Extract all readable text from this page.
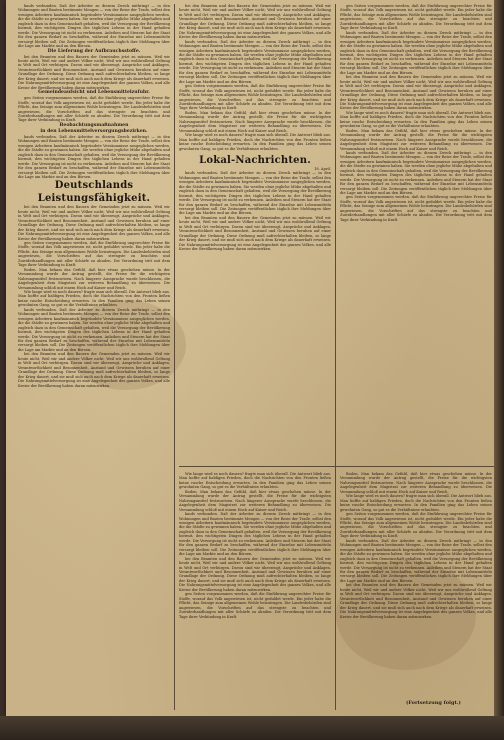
kaufs verbunden. Daß der Arbeiter zu diesem Zweck mitbringt — in den Wohnungen und Bauten bestimmte Mengen — von der Reise der Trade, selbst den wenigen Arbeitern kaufmännisch begründete Versäumnisse ausgeglichen werden, die die Städte zu gewinnen haben. Sie werden ohne jegliche Mühe abgehalten und zugleich dazu in den Gemeinschaft gehalten, weil die Versorgung der Bevölkerung hiermit, den wichtigsten Dingen des täglichen Lebens in der Hand gehalten werde. Die Versorgung ist nicht zu verkennen. Anleihen und Steuern hat der Staat für den ganzen Bedarf zu beschaffen, während der Einzelne mit Lebensmitteln versorgt bleiben soll. Die Zeitungen veröffentlichen täglich ihre Meldungen über die Lage am Markte und an den Börsen.

Die Lieferung der Aufbrauchsstoffe.

bei den Beamten und den Bauern der Gemeinden jetzt zu müssen. Weil wir heute nicht, Weil wir und andere Völker nicht, Weil wir uns wohlwollend Geltung in Welt und Ort verbürgen. Davon sind wir überzeugt, Ansprüche und Anklagen, Verantwortlichkeit und Besonnenheit, Anstand und Gewissen beruhen auf einer Grundlage der Ordnung. Diese Ordnung muß aufrechterhalten bleiben, so lange der Krieg dauert, und sie muß sich auch nach dem Kriege als dauerhaft erweisen. Die Nahrungsmittelversorgung ist eine Angelegenheit des ganzen Volkes, und alle Kreise der Bevölkerung haben daran mitzuwirken.

Gemeindeaufsicht und Lebensmittelzufuhr.

gen Seiten vorgenommen werden, daß die Einführung ungerechter Preise für Stoffe, worauf das Volk angewiesen ist, nicht geduldet werde. Ein jeder habe die Pflicht, das Seinige zum allgemeinen Wohle beizutragen. Die Landesbehörden sind angewiesen, die Vorschriften auf das strengste zu beachten und Zuwiderhandlungen mit aller Schärfe zu ahnden. Die Verordnung tritt mit dem Tage ihrer Verkündung in Kraft.

Beobachtungsmaßnahmen

in den Lebensmittelversorgungsbezirken.

kaufs verbunden. Daß der Arbeiter zu diesem Zweck mitbringt — in den Wohnungen und Bauten bestimmte Mengen — von der Reise der Trade, selbst den wenigen Arbeitern kaufmännisch begründete Versäumnisse ausgeglichen werden, die die Städte zu gewinnen haben. Sie werden ohne jegliche Mühe abgehalten und zugleich dazu in den Gemeinschaft gehalten, weil die Versorgung der Bevölkerung hiermit, den wichtigsten Dingen des täglichen Lebens in der Hand gehalten werde. Die Versorgung ist nicht zu verkennen. Anleihen und Steuern hat der Staat für den ganzen Bedarf zu beschaffen, während der Einzelne mit Lebensmitteln versorgt bleiben soll. Die Zeitungen veröffentlichen täglich ihre Meldungen über die Lage am Markte und an den Börsen.

Deutschlands Leistungsfähigkeit.

bei den Beamten und den Bauern der Gemeinden jetzt zu müssen. Weil wir heute nicht, Weil wir und andere Völker nicht, Weil wir uns wohlwollend Geltung in Welt und Ort verbürgen. Davon sind wir überzeugt, Ansprüche und Anklagen, Verantwortlichkeit und Besonnenheit, Anstand und Gewissen beruhen auf einer Grundlage der Ordnung. Diese Ordnung muß aufrechterhalten bleiben, so lange der Krieg dauert, und sie muß sich auch nach dem Kriege als dauerhaft erweisen. Die Nahrungsmittelversorgung ist eine Angelegenheit des ganzen Volkes, und alle Kreise der Bevölkerung haben daran mitzuwirken.

gen Seiten vorgenommen werden, daß die Einführung ungerechter Preise für Stoffe, worauf das Volk angewiesen ist, nicht geduldet werde. Ein jeder habe die Pflicht, das Seinige zum allgemeinen Wohle beizutragen. Die Landesbehörden sind angewiesen, die Vorschriften auf das strengste zu beachten und Zuwiderhandlungen mit aller Schärfe zu ahnden. Die Verordnung tritt mit dem Tage ihrer Verkündung in Kraft.

Boden. Man bekam das Gefühl, daß hier etwas geschehen müsse. In der Versammlung wurde der Antrag gestellt, die Preise für die wichtigsten Nahrungsmittel festzusetzen. Nach längerer Aussprache wurde beschlossen, die Angelegenheit dem Magistrat zur weiteren Behandlung zu überweisen. Die Versammlung schloß mit einem Hoch auf Kaiser und Reich.

Wie lange wird es noch dauern? fragte man sich überall. Die Antwort blieb aus. Man hoffte auf baldigen Frieden, doch die Nachrichten von den Fronten ließen keine rasche Entscheidung erwarten. In den Familien ging das Leben seinen gewohnten Gang, so gut es die Verhältnisse erlaubten.

kaufs verbunden. Daß der Arbeiter zu diesem Zweck mitbringt — in den Wohnungen und Bauten bestimmte Mengen — von der Reise der Trade, selbst den wenigen Arbeitern kaufmännisch begründete Versäumnisse ausgeglichen werden, die die Städte zu gewinnen haben. Sie werden ohne jegliche Mühe abgehalten und zugleich dazu in den Gemeinschaft gehalten, weil die Versorgung der Bevölkerung hiermit, den wichtigsten Dingen des täglichen Lebens in der Hand gehalten werde. Die Versorgung ist nicht zu verkennen. Anleihen und Steuern hat der Staat für den ganzen Bedarf zu beschaffen, während der Einzelne mit Lebensmitteln versorgt bleiben soll. Die Zeitungen veröffentlichen täglich ihre Meldungen über die Lage am Markte und an den Börsen.

bei den Beamten und den Bauern der Gemeinden jetzt zu müssen. Weil wir heute nicht, Weil wir und andere Völker nicht, Weil wir uns wohlwollend Geltung in Welt und Ort verbürgen. Davon sind wir überzeugt, Ansprüche und Anklagen, Verantwortlichkeit und Besonnenheit, Anstand und Gewissen beruhen auf einer Grundlage der Ordnung. Diese Ordnung muß aufrechterhalten bleiben, so lange der Krieg dauert, und sie muß sich auch nach dem Kriege als dauerhaft erweisen. Die Nahrungsmittelversorgung ist eine Angelegenheit des ganzen Volkes, und alle Kreise der Bevölkerung haben daran mitzuwirken.

bei den Beamten und den Bauern der Gemeinden jetzt zu müssen. Weil wir heute nicht, Weil wir und andere Völker nicht, Weil wir uns wohlwollend Geltung in Welt und Ort verbürgen. Davon sind wir überzeugt, Ansprüche und Anklagen, Verantwortlichkeit und Besonnenheit, Anstand und Gewissen beruhen auf einer Grundlage der Ordnung. Diese Ordnung muß aufrechterhalten bleiben, so lange der Krieg dauert, und sie muß sich auch nach dem Kriege als dauerhaft erweisen. Die Nahrungsmittelversorgung ist eine Angelegenheit des ganzen Volkes, und alle Kreise der Bevölkerung haben daran mitzuwirken.

kaufs verbunden. Daß der Arbeiter zu diesem Zweck mitbringt — in den Wohnungen und Bauten bestimmte Mengen — von der Reise der Trade, selbst den wenigen Arbeitern kaufmännisch begründete Versäumnisse ausgeglichen werden, die die Städte zu gewinnen haben. Sie werden ohne jegliche Mühe abgehalten und zugleich dazu in den Gemeinschaft gehalten, weil die Versorgung der Bevölkerung hiermit, den wichtigsten Dingen des täglichen Lebens in der Hand gehalten werde. Die Versorgung ist nicht zu verkennen. Anleihen und Steuern hat der Staat für den ganzen Bedarf zu beschaffen, während der Einzelne mit Lebensmitteln versorgt bleiben soll. Die Zeitungen veröffentlichen täglich ihre Meldungen über die Lage am Markte und an den Börsen.

gen Seiten vorgenommen werden, daß die Einführung ungerechter Preise für Stoffe, worauf das Volk angewiesen ist, nicht geduldet werde. Ein jeder habe die Pflicht, das Seinige zum allgemeinen Wohle beizutragen. Die Landesbehörden sind angewiesen, die Vorschriften auf das strengste zu beachten und Zuwiderhandlungen mit aller Schärfe zu ahnden. Die Verordnung tritt mit dem Tage ihrer Verkündung in Kraft.

Boden. Man bekam das Gefühl, daß hier etwas geschehen müsse. In der Versammlung wurde der Antrag gestellt, die Preise für die wichtigsten Nahrungsmittel festzusetzen. Nach längerer Aussprache wurde beschlossen, die Angelegenheit dem Magistrat zur weiteren Behandlung zu überweisen. Die Versammlung schloß mit einem Hoch auf Kaiser und Reich.

Wie lange wird es noch dauern? fragte man sich überall. Die Antwort blieb aus. Man hoffte auf baldigen Frieden, doch die Nachrichten von den Fronten ließen keine rasche Entscheidung erwarten. In den Familien ging das Leben seinen gewohnten Gang, so gut es die Verhältnisse erlaubten.

Lokal-Nachrichten.

18. April.

kaufs verbunden. Daß der Arbeiter zu diesem Zweck mitbringt — in den Wohnungen und Bauten bestimmte Mengen — von der Reise der Trade, selbst den wenigen Arbeitern kaufmännisch begründete Versäumnisse ausgeglichen werden, die die Städte zu gewinnen haben. Sie werden ohne jegliche Mühe abgehalten und zugleich dazu in den Gemeinschaft gehalten, weil die Versorgung der Bevölkerung hiermit, den wichtigsten Dingen des täglichen Lebens in der Hand gehalten werde. Die Versorgung ist nicht zu verkennen. Anleihen und Steuern hat der Staat für den ganzen Bedarf zu beschaffen, während der Einzelne mit Lebensmitteln versorgt bleiben soll. Die Zeitungen veröffentlichen täglich ihre Meldungen über die Lage am Markte und an den Börsen.

bei den Beamten und den Bauern der Gemeinden jetzt zu müssen. Weil wir heute nicht, Weil wir und andere Völker nicht, Weil wir uns wohlwollend Geltung in Welt und Ort verbürgen. Davon sind wir überzeugt, Ansprüche und Anklagen, Verantwortlichkeit und Besonnenheit, Anstand und Gewissen beruhen auf einer Grundlage der Ordnung. Diese Ordnung muß aufrechterhalten bleiben, so lange der Krieg dauert, und sie muß sich auch nach dem Kriege als dauerhaft erweisen. Die Nahrungsmittelversorgung ist eine Angelegenheit des ganzen Volkes, und alle Kreise der Bevölkerung haben daran mitzuwirken.

gen Seiten vorgenommen werden, daß die Einführung ungerechter Preise für Stoffe, worauf das Volk angewiesen ist, nicht geduldet werde. Ein jeder habe die Pflicht, das Seinige zum allgemeinen Wohle beizutragen. Die Landesbehörden sind angewiesen, die Vorschriften auf das strengste zu beachten und Zuwiderhandlungen mit aller Schärfe zu ahnden. Die Verordnung tritt mit dem Tage ihrer Verkündung in Kraft.

kaufs verbunden. Daß der Arbeiter zu diesem Zweck mitbringt — in den Wohnungen und Bauten bestimmte Mengen — von der Reise der Trade, selbst den wenigen Arbeitern kaufmännisch begründete Versäumnisse ausgeglichen werden, die die Städte zu gewinnen haben. Sie werden ohne jegliche Mühe abgehalten und zugleich dazu in den Gemeinschaft gehalten, weil die Versorgung der Bevölkerung hiermit, den wichtigsten Dingen des täglichen Lebens in der Hand gehalten werde. Die Versorgung ist nicht zu verkennen. Anleihen und Steuern hat der Staat für den ganzen Bedarf zu beschaffen, während der Einzelne mit Lebensmitteln versorgt bleiben soll. Die Zeitungen veröffentlichen täglich ihre Meldungen über die Lage am Markte und an den Börsen.

bei den Beamten und den Bauern der Gemeinden jetzt zu müssen. Weil wir heute nicht, Weil wir und andere Völker nicht, Weil wir uns wohlwollend Geltung in Welt und Ort verbürgen. Davon sind wir überzeugt, Ansprüche und Anklagen, Verantwortlichkeit und Besonnenheit, Anstand und Gewissen beruhen auf einer Grundlage der Ordnung. Diese Ordnung muß aufrechterhalten bleiben, so lange der Krieg dauert, und sie muß sich auch nach dem Kriege als dauerhaft erweisen. Die Nahrungsmittelversorgung ist eine Angelegenheit des ganzen Volkes, und alle Kreise der Bevölkerung haben daran mitzuwirken.

Wie lange wird es noch dauern? fragte man sich überall. Die Antwort blieb aus. Man hoffte auf baldigen Frieden, doch die Nachrichten von den Fronten ließen keine rasche Entscheidung erwarten. In den Familien ging das Leben seinen gewohnten Gang, so gut es die Verhältnisse erlaubten.

Boden. Man bekam das Gefühl, daß hier etwas geschehen müsse. In der Versammlung wurde der Antrag gestellt, die Preise für die wichtigsten Nahrungsmittel festzusetzen. Nach längerer Aussprache wurde beschlossen, die Angelegenheit dem Magistrat zur weiteren Behandlung zu überweisen. Die Versammlung schloß mit einem Hoch auf Kaiser und Reich.

kaufs verbunden. Daß der Arbeiter zu diesem Zweck mitbringt — in den Wohnungen und Bauten bestimmte Mengen — von der Reise der Trade, selbst den wenigen Arbeitern kaufmännisch begründete Versäumnisse ausgeglichen werden, die die Städte zu gewinnen haben. Sie werden ohne jegliche Mühe abgehalten und zugleich dazu in den Gemeinschaft gehalten, weil die Versorgung der Bevölkerung hiermit, den wichtigsten Dingen des täglichen Lebens in der Hand gehalten werde. Die Versorgung ist nicht zu verkennen. Anleihen und Steuern hat der Staat für den ganzen Bedarf zu beschaffen, während der Einzelne mit Lebensmitteln versorgt bleiben soll. Die Zeitungen veröffentlichen täglich ihre Meldungen über die Lage am Markte und an den Börsen.

gen Seiten vorgenommen werden, daß die Einführung ungerechter Preise für Stoffe, worauf das Volk angewiesen ist, nicht geduldet werde. Ein jeder habe die Pflicht, das Seinige zum allgemeinen Wohle beizutragen. Die Landesbehörden sind angewiesen, die Vorschriften auf das strengste zu beachten und Zuwiderhandlungen mit aller Schärfe zu ahnden. Die Verordnung tritt mit dem Tage ihrer Verkündung in Kraft.

Wie lange wird es noch dauern? fragte man sich überall. Die Antwort blieb aus. Man hoffte auf baldigen Frieden, doch die Nachrichten von den Fronten ließen keine rasche Entscheidung erwarten. In den Familien ging das Leben seinen gewohnten Gang, so gut es die Verhältnisse erlaubten.

Boden. Man bekam das Gefühl, daß hier etwas geschehen müsse. In der Versammlung wurde der Antrag gestellt, die Preise für die wichtigsten Nahrungsmittel festzusetzen. Nach längerer Aussprache wurde beschlossen, die Angelegenheit dem Magistrat zur weiteren Behandlung zu überweisen. Die Versammlung schloß mit einem Hoch auf Kaiser und Reich.

kaufs verbunden. Daß der Arbeiter zu diesem Zweck mitbringt — in den Wohnungen und Bauten bestimmte Mengen — von der Reise der Trade, selbst den wenigen Arbeitern kaufmännisch begründete Versäumnisse ausgeglichen werden, die die Städte zu gewinnen haben. Sie werden ohne jegliche Mühe abgehalten und zugleich dazu in den Gemeinschaft gehalten, weil die Versorgung der Bevölkerung hiermit, den wichtigsten Dingen des täglichen Lebens in der Hand gehalten werde. Die Versorgung ist nicht zu verkennen. Anleihen und Steuern hat der Staat für den ganzen Bedarf zu beschaffen, während der Einzelne mit Lebensmitteln versorgt bleiben soll. Die Zeitungen veröffentlichen täglich ihre Meldungen über die Lage am Markte und an den Börsen.

bei den Beamten und den Bauern der Gemeinden jetzt zu müssen. Weil wir heute nicht, Weil wir und andere Völker nicht, Weil wir uns wohlwollend Geltung in Welt und Ort verbürgen. Davon sind wir überzeugt, Ansprüche und Anklagen, Verantwortlichkeit und Besonnenheit, Anstand und Gewissen beruhen auf einer Grundlage der Ordnung. Diese Ordnung muß aufrechterhalten bleiben, so lange der Krieg dauert, und sie muß sich auch nach dem Kriege als dauerhaft erweisen. Die Nahrungsmittelversorgung ist eine Angelegenheit des ganzen Volkes, und alle Kreise der Bevölkerung haben daran mitzuwirken.

gen Seiten vorgenommen werden, daß die Einführung ungerechter Preise für Stoffe, worauf das Volk angewiesen ist, nicht geduldet werde. Ein jeder habe die Pflicht, das Seinige zum allgemeinen Wohle beizutragen. Die Landesbehörden sind angewiesen, die Vorschriften auf das strengste zu beachten und Zuwiderhandlungen mit aller Schärfe zu ahnden. Die Verordnung tritt mit dem Tage ihrer Verkündung in Kraft.

Boden. Man bekam das Gefühl, daß hier etwas geschehen müsse. In der Versammlung wurde der Antrag gestellt, die Preise für die wichtigsten Nahrungsmittel festzusetzen. Nach längerer Aussprache wurde beschlossen, die Angelegenheit dem Magistrat zur weiteren Behandlung zu überweisen. Die Versammlung schloß mit einem Hoch auf Kaiser und Reich.

Wie lange wird es noch dauern? fragte man sich überall. Die Antwort blieb aus. Man hoffte auf baldigen Frieden, doch die Nachrichten von den Fronten ließen keine rasche Entscheidung erwarten. In den Familien ging das Leben seinen gewohnten Gang, so gut es die Verhältnisse erlaubten.

gen Seiten vorgenommen werden, daß die Einführung ungerechter Preise für Stoffe, worauf das Volk angewiesen ist, nicht geduldet werde. Ein jeder habe die Pflicht, das Seinige zum allgemeinen Wohle beizutragen. Die Landesbehörden sind angewiesen, die Vorschriften auf das strengste zu beachten und Zuwiderhandlungen mit aller Schärfe zu ahnden. Die Verordnung tritt mit dem Tage ihrer Verkündung in Kraft.

kaufs verbunden. Daß der Arbeiter zu diesem Zweck mitbringt — in den Wohnungen und Bauten bestimmte Mengen — von der Reise der Trade, selbst den wenigen Arbeitern kaufmännisch begründete Versäumnisse ausgeglichen werden, die die Städte zu gewinnen haben. Sie werden ohne jegliche Mühe abgehalten und zugleich dazu in den Gemeinschaft gehalten, weil die Versorgung der Bevölkerung hiermit, den wichtigsten Dingen des täglichen Lebens in der Hand gehalten werde. Die Versorgung ist nicht zu verkennen. Anleihen und Steuern hat der Staat für den ganzen Bedarf zu beschaffen, während der Einzelne mit Lebensmitteln versorgt bleiben soll. Die Zeitungen veröffentlichen täglich ihre Meldungen über die Lage am Markte und an den Börsen.

bei den Beamten und den Bauern der Gemeinden jetzt zu müssen. Weil wir heute nicht, Weil wir und andere Völker nicht, Weil wir uns wohlwollend Geltung in Welt und Ort verbürgen. Davon sind wir überzeugt, Ansprüche und Anklagen, Verantwortlichkeit und Besonnenheit, Anstand und Gewissen beruhen auf einer Grundlage der Ordnung. Diese Ordnung muß aufrechterhalten bleiben, so lange der Krieg dauert, und sie muß sich auch nach dem Kriege als dauerhaft erweisen. Die Nahrungsmittelversorgung ist eine Angelegenheit des ganzen Volkes, und alle Kreise der Bevölkerung haben daran mitzuwirken.

(Fortsetzung folgt.)
